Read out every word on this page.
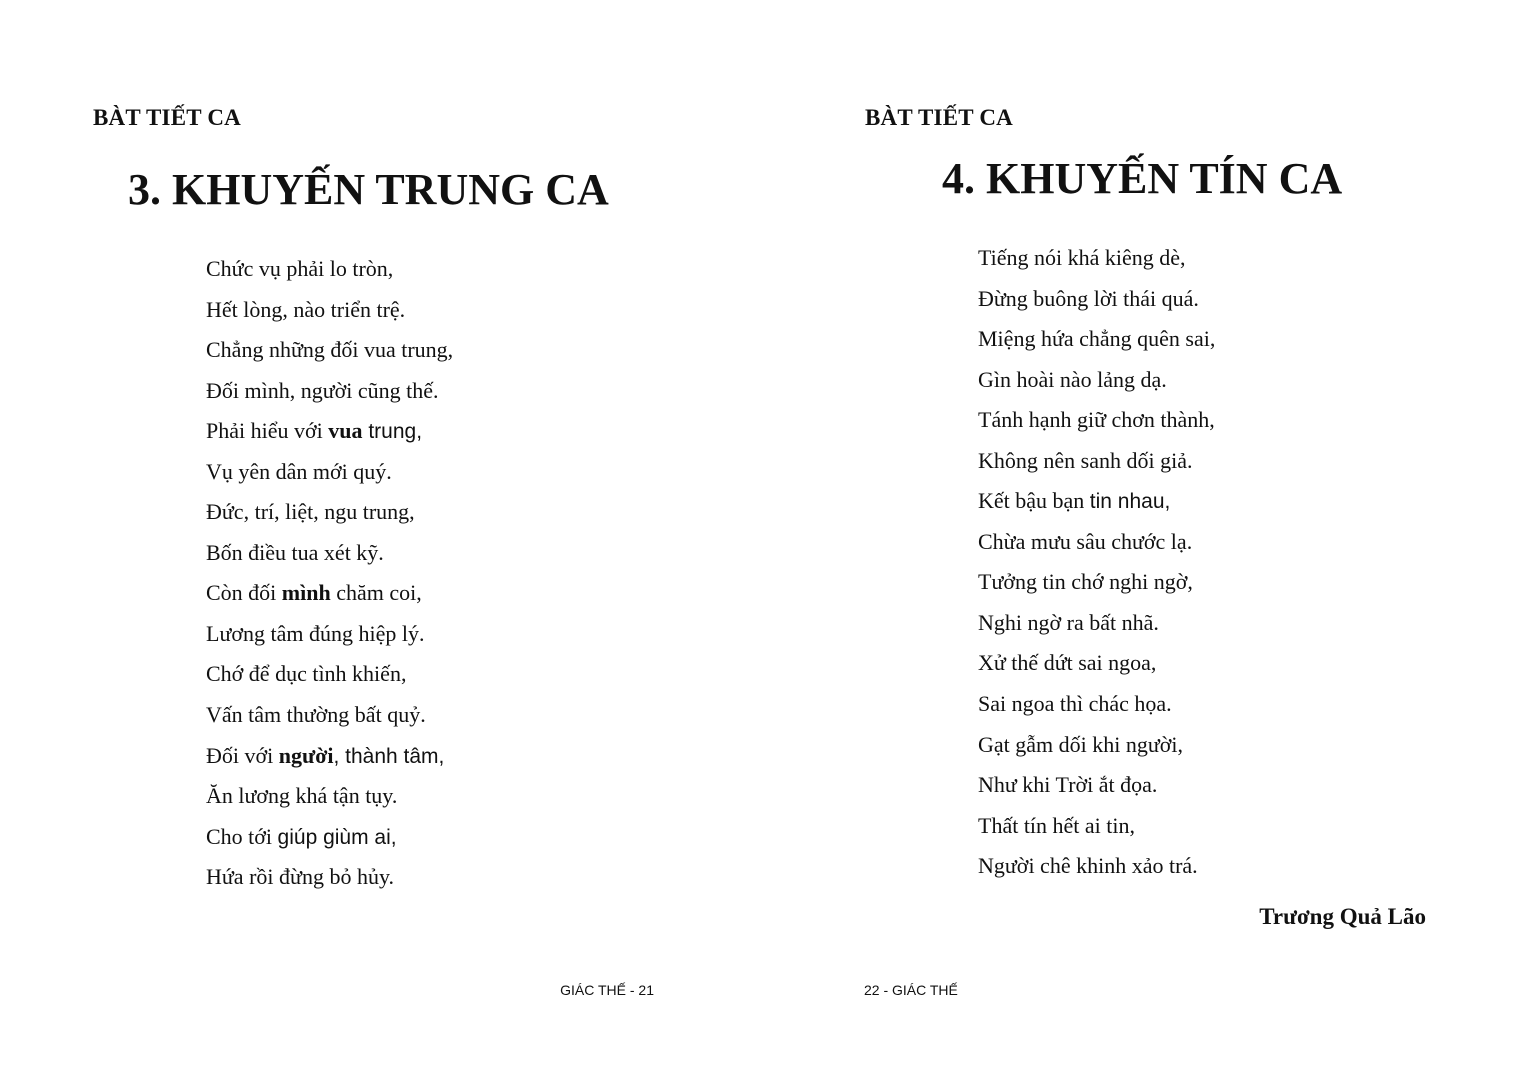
BÀT TIẾT CA
3. KHUYẾN TRUNG CA
Chức vụ phải lo tròn,
Hết lòng, nào triển trệ.
Chẳng những đối vua trung,
Đối mình, người cũng thế.
Phải hiểu với vua trung,
Vụ yên dân mới quý.
Đức, trí, liệt, ngu trung,
Bốn điều tua xét kỹ.
Còn đối mình chăm coi,
Lương tâm đúng hiệp lý.
Chớ để dục tình khiến,
Vấn tâm thường bất quỷ.
Đối với người, thành tâm,
Ăn lương khá tận tụy.
Cho tới giúp giùm ai,
Hứa rồi đừng bỏ hủy.
GIÁC THẾ - 21
BÀT TIẾT CA
4. KHUYẾN TÍN CA
Tiếng nói khá kiêng dè,
Đừng buông lời thái quá.
Miệng hứa chẳng quên sai,
Gìn hoài nào lảng dạ.
Tánh hạnh giữ chơn thành,
Không nên sanh dối giả.
Kết bậu bạn tin nhau,
Chừa mưu sâu chước lạ.
Tưởng tin chớ nghi ngờ,
Nghi ngờ ra bất nhã.
Xử thế dứt sai ngoa,
Sai ngoa thì chác họa.
Gạt gẫm dối khi người,
Như khi Trời ắt đọa.
Thất tín hết ai tin,
Người chê khinh xảo trá.
Trương Quả Lão
22 - GIÁC THẾ
